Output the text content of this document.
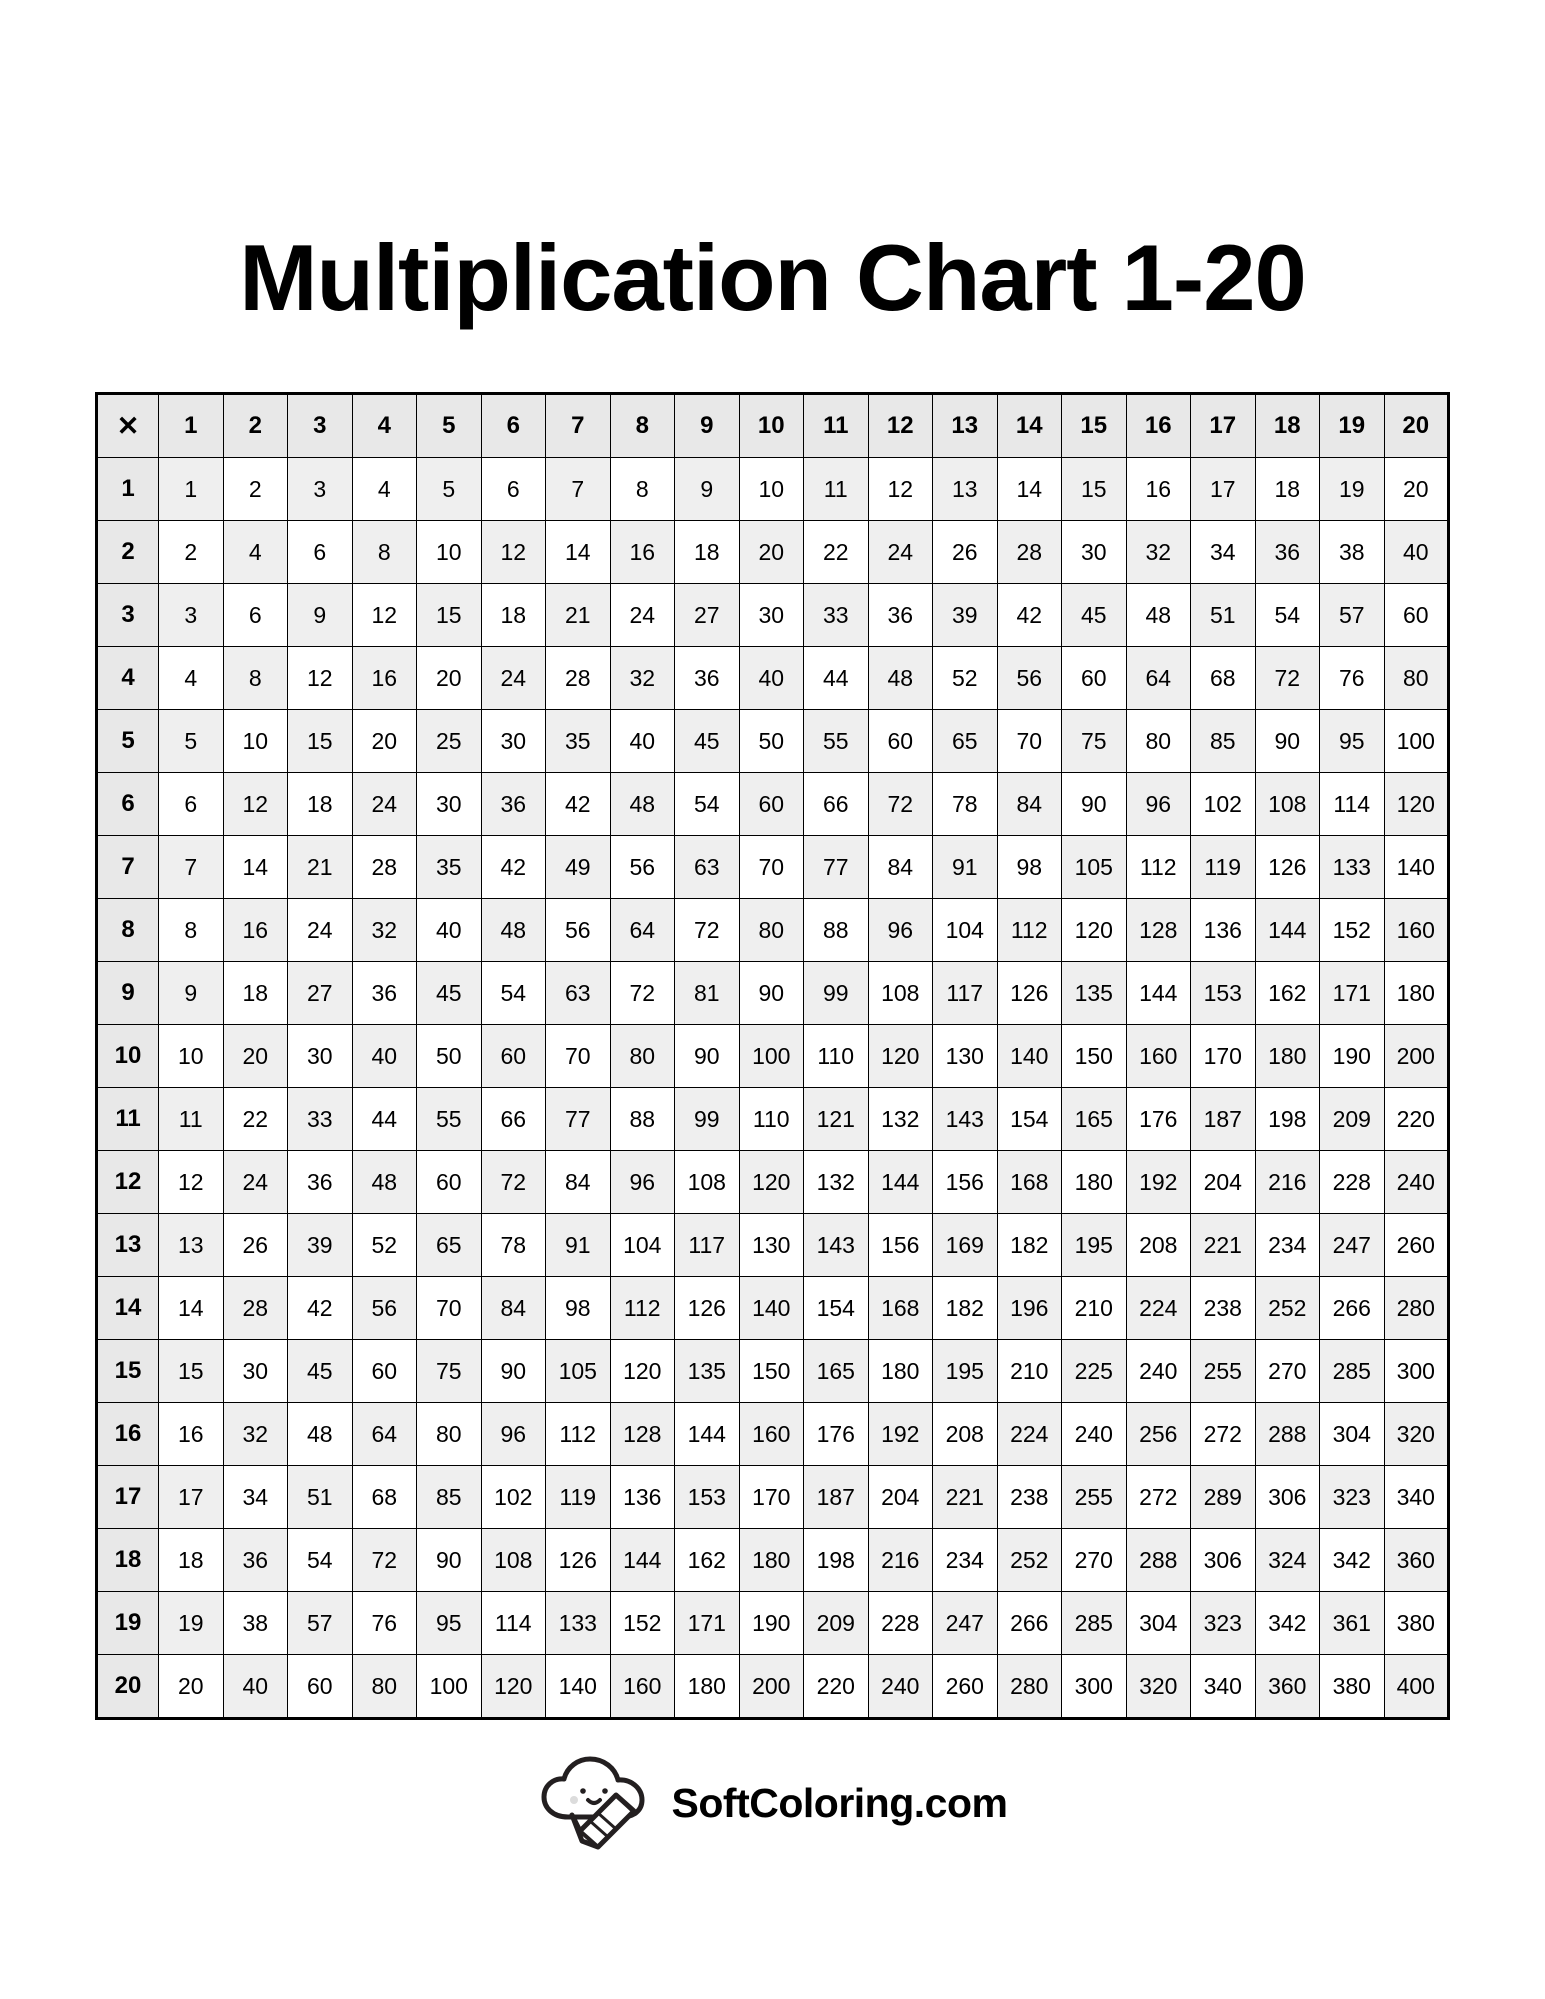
Multiplication Chart 1-20
✕	1	2	3	4	5	6	7	8	9	10	11	12	13	14	15	16	17	18	19	20
1	1	2	3	4	5	6	7	8	9	10	11	12	13	14	15	16	17	18	19	20
2	2	4	6	8	10	12	14	16	18	20	22	24	26	28	30	32	34	36	38	40
3	3	6	9	12	15	18	21	24	27	30	33	36	39	42	45	48	51	54	57	60
4	4	8	12	16	20	24	28	32	36	40	44	48	52	56	60	64	68	72	76	80
5	5	10	15	20	25	30	35	40	45	50	55	60	65	70	75	80	85	90	95	100
6	6	12	18	24	30	36	42	48	54	60	66	72	78	84	90	96	102	108	114	120
7	7	14	21	28	35	42	49	56	63	70	77	84	91	98	105	112	119	126	133	140
8	8	16	24	32	40	48	56	64	72	80	88	96	104	112	120	128	136	144	152	160
9	9	18	27	36	45	54	63	72	81	90	99	108	117	126	135	144	153	162	171	180
10	10	20	30	40	50	60	70	80	90	100	110	120	130	140	150	160	170	180	190	200
11	11	22	33	44	55	66	77	88	99	110	121	132	143	154	165	176	187	198	209	220
12	12	24	36	48	60	72	84	96	108	120	132	144	156	168	180	192	204	216	228	240
13	13	26	39	52	65	78	91	104	117	130	143	156	169	182	195	208	221	234	247	260
14	14	28	42	56	70	84	98	112	126	140	154	168	182	196	210	224	238	252	266	280
15	15	30	45	60	75	90	105	120	135	150	165	180	195	210	225	240	255	270	285	300
16	16	32	48	64	80	96	112	128	144	160	176	192	208	224	240	256	272	288	304	320
17	17	34	51	68	85	102	119	136	153	170	187	204	221	238	255	272	289	306	323	340
18	18	36	54	72	90	108	126	144	162	180	198	216	234	252	270	288	306	324	342	360
19	19	38	57	76	95	114	133	152	171	190	209	228	247	266	285	304	323	342	361	380
20	20	40	60	80	100	120	140	160	180	200	220	240	260	280	300	320	340	360	380	400
SoftColoring.com
